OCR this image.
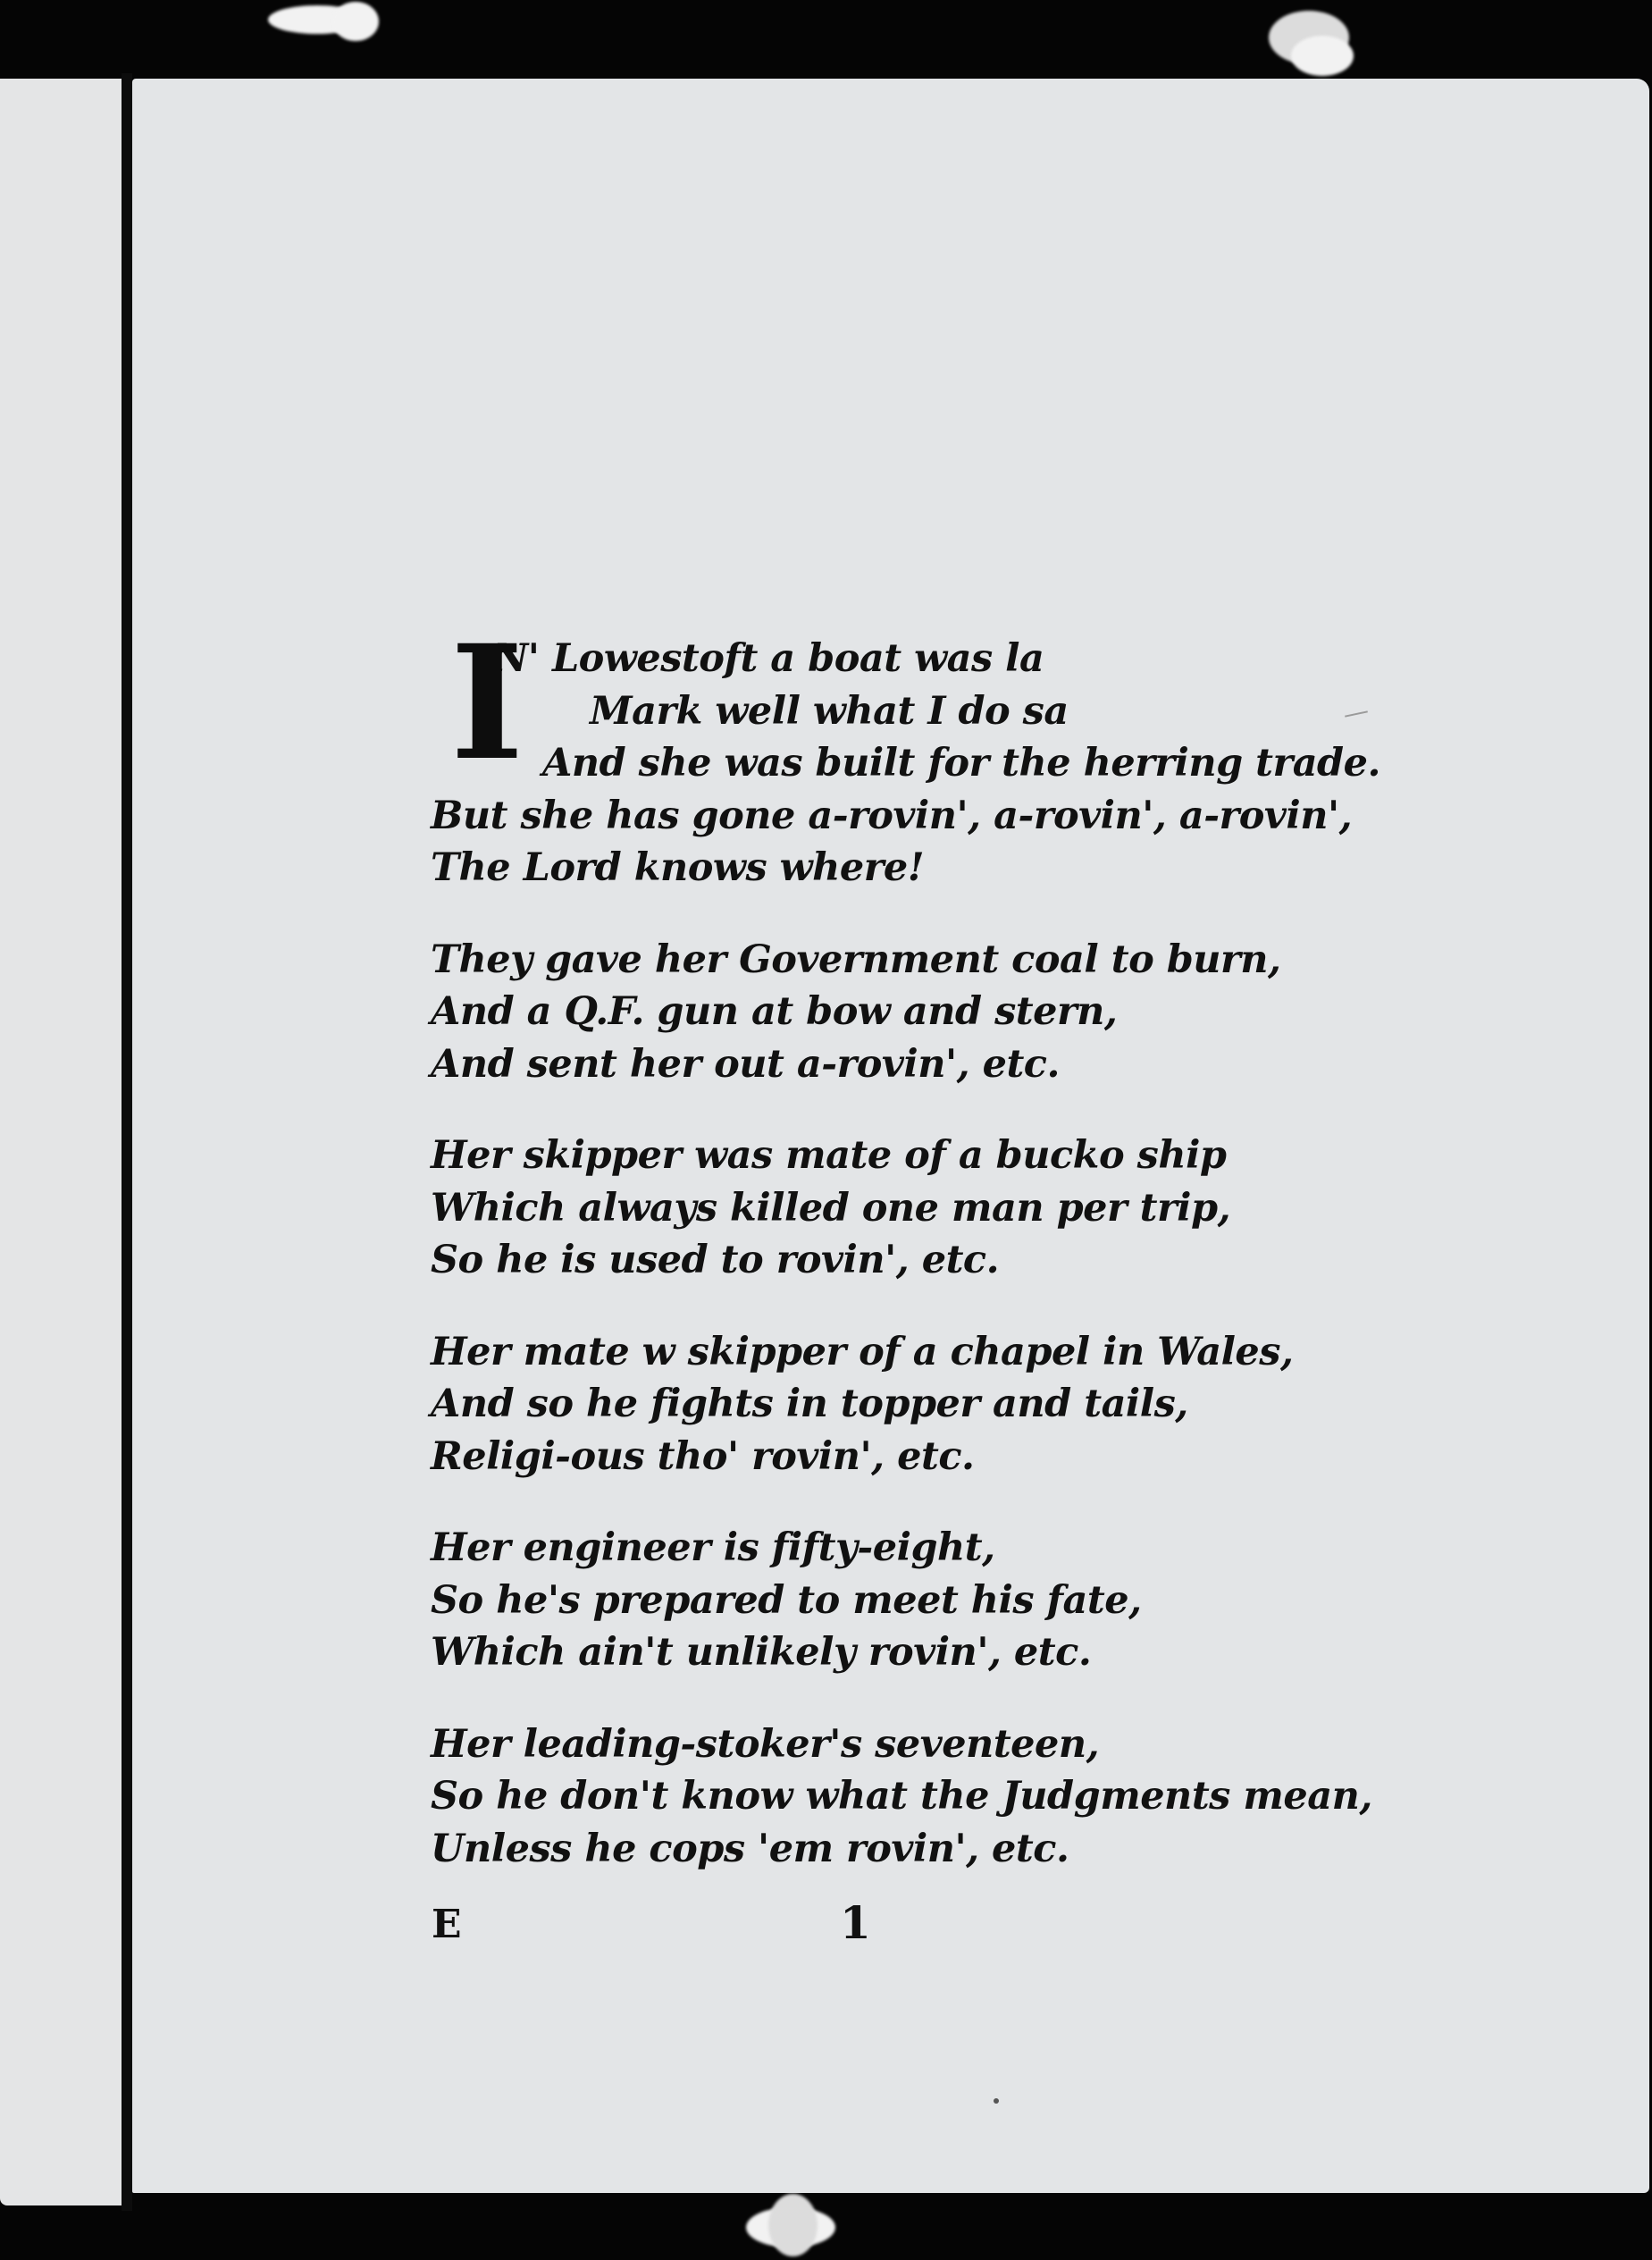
I
N' Lowestoft a boat was la
Mark well what I do sa
And she was built for the herring trade.
But she has gone a-rovin', a-rovin', a-rovin',
The Lord knows where!
They gave her Government coal to burn,
And a Q.F. gun at bow and stern,
And sent her out a-rovin', etc.
Her skipper was mate of a bucko ship
Which always killed one man per trip,
So he is used to rovin', etc.
Her mate w skipper of a chapel in Wales,
And so he fights in topper and tails,
Religi-ous tho' rovin', etc.
Her engineer is fifty-eight,
So he's prepared to meet his fate,
Which ain't unlikely rovin', etc.
Her leading-stoker's seventeen,
So he don't know what the Judgments mean,
Unless he cops 'em rovin', etc.
E	1
